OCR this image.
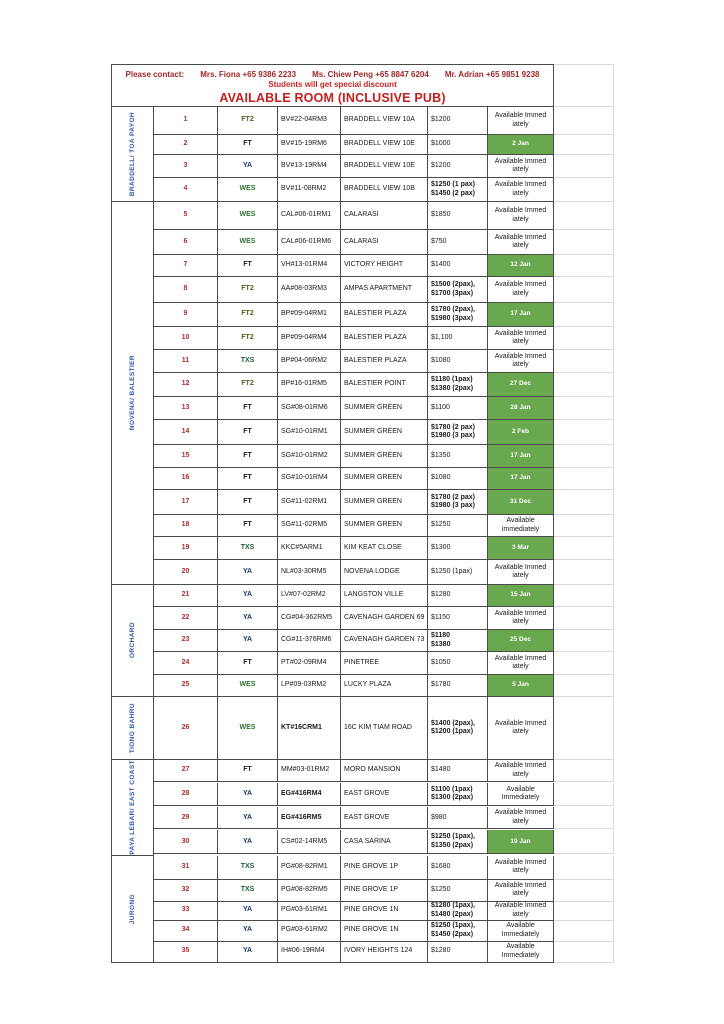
Please contact: Mrs. Fiona +65 9386 2233 Ms. Chiew Peng +65 8847 6204 Mr. Adrian +65 9851 9238
Students will get special discount
AVAILABLE ROOM (INCLUSIVE PUB)
BRADDELL/ TOA PAYOH	1	FT2	BV#22-04RM3	BRADDELL VIEW 10A	$1200
Available Immed
iately
2	FT	BV#15-19RM6	BRADDELL VIEW 10E	$1000	2 Jan
3	YA	BV#13-19RM4	BRADDELL VIEW 10E	$1200
Available Immed
iately
4	WES	BV#11-08RM2	BRADDELL VIEW 10B
$1250 (1 pax)
$1450 (2 pax)
Available Immed
iately
NOVENA/ BALESTIER
5	WES	CAL#06-01RM1	CALARASI	$1850
Available Immed
iately
6	WES	CAL#06-01RM6	CALARASI	$750
Available Immed
iately
7	FT	VH#13-01RM4	VICTORY HEIGHT	$1400	12 Jan
8	FT2	AA#08-03RM3	AMPAS APARTMENT
$1500 (2pax),
$1700 (3pax)
Available Immed
iately
9	FT2	BP#09-04RM1	BALESTIER PLAZA
$1780 (2pax),
$1980 (3pax)
17 Jan
10	FT2	BP#09-04RM4	BALESTIER PLAZA	$1,100
Available Immed
iately
11	TXS	BP#04-06RM2	BALESTIER PLAZA	$1080
Available Immed
iately
12	FT2	BP#16-01RM5	BALESTIER POINT
$1180 (1pax)
$1380 (2pax)
27 Dec
13	FT	SG#08-01RM6	SUMMER GREEN	$1100	28 Jan
14	FT	SG#10-01RM1	SUMMER GREEN
$1780 (2 pax)
$1980 (3 pax)
2 Feb
15	FT	SG#10-01RM2	SUMMER GREEN	$1350	17 Jan
16	FT	SG#10-01RM4	SUMMER GREEN	$1080	17 Jan
17	FT	SG#11-02RM1	SUMMER GREEN
$1780 (2 pax)
$1980 (3 pax)
31 Dec
18	FT	SG#11-02RM5	SUMMER GREEN	$1250
Available
immediately
19	TXS	KKC#5ARM1	KIM KEAT CLOSE	$1300	3 Mar
20	YA	NL#03-30RM5	NOVENA LODGE	$1250 (1pax)
Available Immed
iately
ORCHARD
21	YA	LV#07-02RM2	LANGSTON VILLE	$1280	15 Jan
22	YA	CG#04-362RM5	CAVENAGH GARDEN 69 $1150
Available Immed
iately
23	YA	CG#11-376RM6	CAVENAGH GARDEN 73
$1180
$1380
25 Dec
24	FT	PT#02-09RM4	PINETREE	$1050
Available Immed
iately
25	WES	LP#09-03RM2	LUCKY PLAZA	$1780	5 Jan
TIONG BAHRU	26	WES	KT#16CRM1	16C KIM TIAM ROAD
$1400 (2pax),
$1200 (1pax)
Available Immed
iately
PAYA LEBAR/ EAST COAST	27	FT	MM#03-01RM2	MORO MANSION	$1480
Available Immed
iately
28	YA	EG#416RM4	EAST GROVE
$1100 (1pax)
$1300 (2pax)
Available
Immediately
29	YA	EG#416RM5	EAST GROVE	$980
Available Immed
iately
30	YA	CS#02-14RM5	CASA SARINA
$1250 (1pax),
$1350 (2pax)
19 Jan
JURONG
31	TXS	PG#08-82RM1	PINE GROVE 1P	$1680
Available Immed
iately
32	TXS	PG#08-82RM5	PINE GROVE 1P	$1250
Available Immed
iately
33	YA	PG#03-61RM1	PINE GROVE 1N
$1280 (1pax),
$1480 (2pax)
Available Immed
iately
34	YA	PG#03-61RM2	PINE GROVE 1N
$1250 (1pax),
$1450 (2pax)
Available
Immediately
35	YA	IH#06-19RM4	IVORY HEIGHTS 124	$1280
Available
Immediately
